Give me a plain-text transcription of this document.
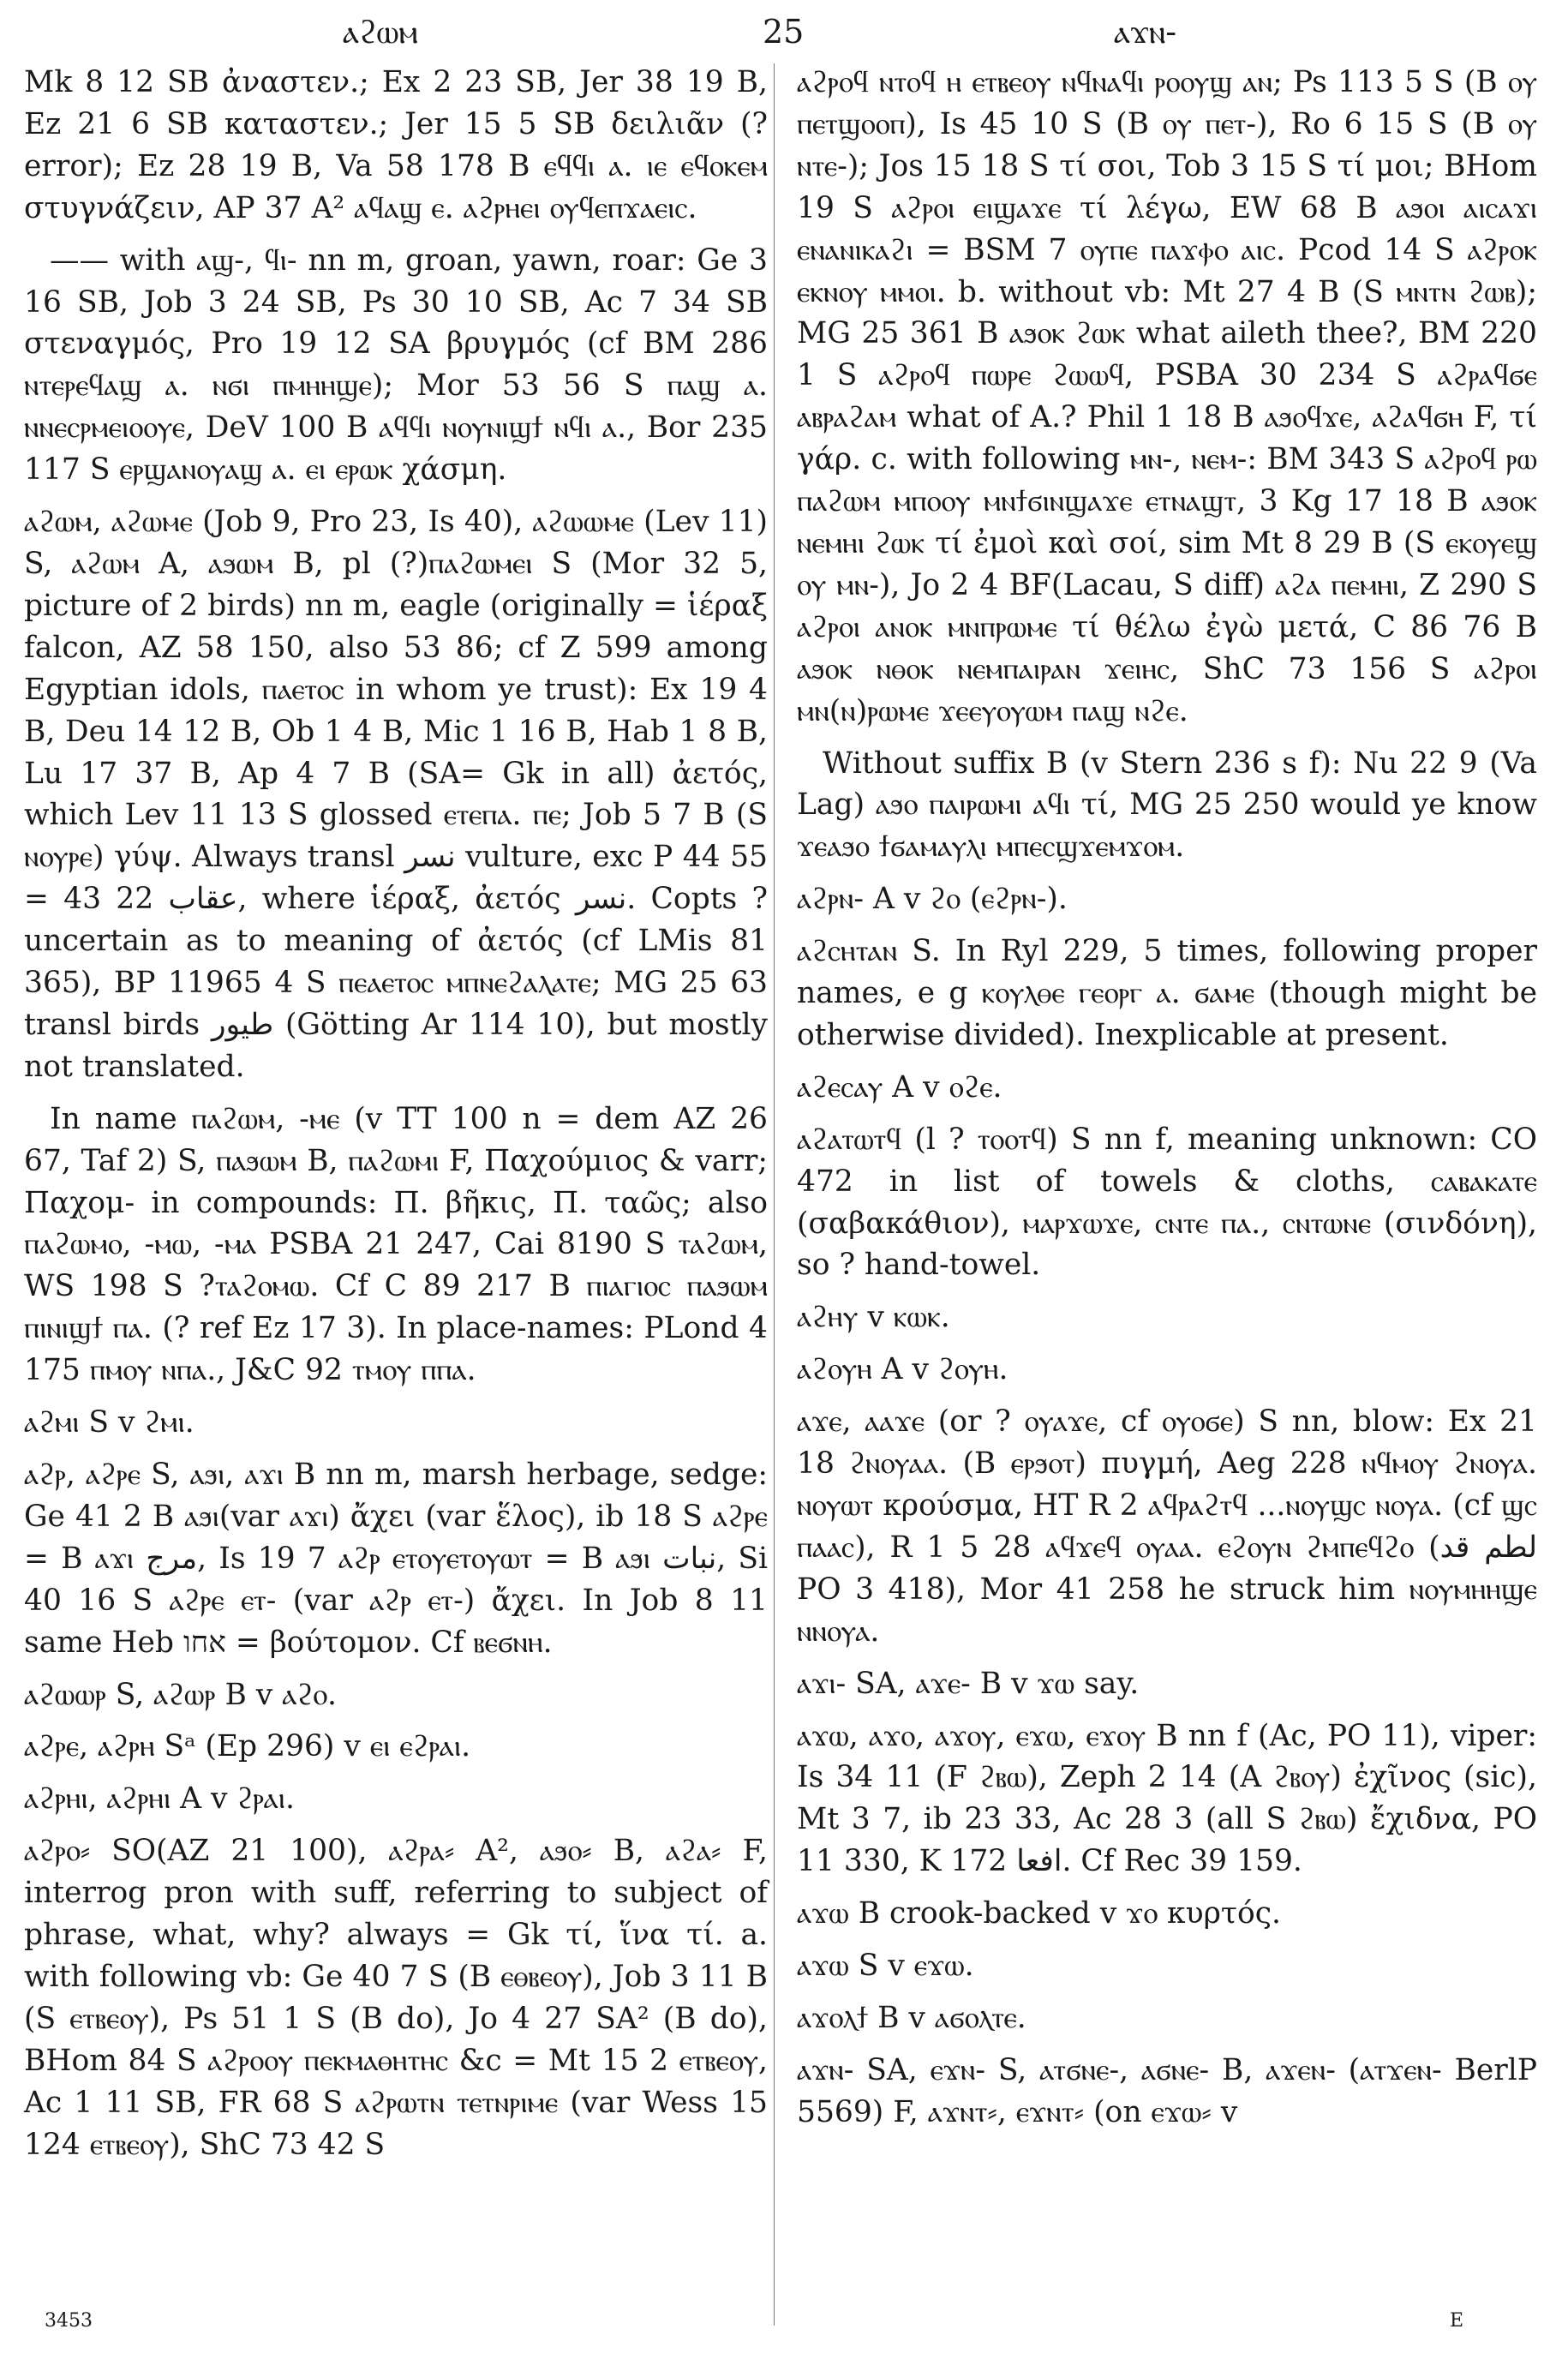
ⲁϩⲱⲙ	25	ⲁϫⲛ-

Mk 8 12 SB ἀναστεν.; Ex 2 23 SB, Jer 38 19 B, Ez 21 6 SB καταστεν.; Jer 15 5 SB δειλιᾶν (?error); Ez 28 19 B, Va 58 178 B ⲉϥϥⲓ ⲁ. ⲓⲉ ⲉϥⲟⲕⲉⲙ στυγνάζειν, AP 37 A² ⲁϥⲁϣ ⲉ. ⲁϩⲣⲏⲉⲓ ⲟⲩϥⲉⲡϫⲁⲉⲓⲥ.

—— with ⲁϣ-, ϥⲓ- nn m, groan, yawn, roar: Ge 3 16 SB, Job 3 24 SB, Ps 30 10 SB, Ac 7 34 SB στεναγμός, Pro 19 12 SA βρυγμός (cf BM 286 ⲛⲧⲉⲣⲉϥⲁϣ ⲁ. ⲛϭⲓ ⲡⲙⲏⲏϣⲉ); Mor 53 56 S ⲡⲁϣ ⲁ. ⲛⲛⲉⲥⲣⲙⲉⲓⲟⲟⲩⲉ, DeV 100 B ⲁϥϥⲓ ⲛⲟⲩⲛⲓϣϯ ⲛϥⲓ ⲁ., Bor 235 117 S ⲉⲣϣⲁⲛⲟⲩⲁϣ ⲁ. ⲉⲓ ⲉⲣⲱⲕ χάσμη.

ⲁϩⲱⲙ, ⲁϩⲱⲙⲉ (Job 9, Pro 23, Is 40), ⲁϩⲱⲱⲙⲉ (Lev 11) S, ⲁϩⲱⲙ A, ⲁϧⲱⲙ B, pl (?)ⲡⲁϩⲱⲙⲉⲓ S (Mor 32 5, picture of 2 birds) nn m, eagle (originally = ἱέραξ falcon, AZ 58 150, also 53 86; cf Z 599 among Egyptian idols, ⲡⲁⲉⲧⲟⲥ in whom ye trust): Ex 19 4 B, Deu 14 12 B, Ob 1 4 B, Mic 1 16 B, Hab 1 8 B, Lu 17 37 B, Ap 4 7 B (SA= Gk in all) ἀετός, which Lev 11 13 S glossed ⲉⲧⲉⲡⲁ. ⲡⲉ; Job 5 7 B (S ⲛⲟⲩⲣⲉ) γύψ. Always transl نسر vulture, exc P 44 55 = 43 22 عقاب, where ἱέραξ, ἀετός نسر. Copts ?uncertain as to meaning of ἀετός (cf LMis 81 365), BP 11965 4 S ⲡⲉⲁⲉⲧⲟⲥ ⲙⲡⲛⲉϩⲁⲗⲁⲧⲉ; MG 25 63 transl birds طيور (Götting Ar 114 10), but mostly not translated.

In name ⲡⲁϩⲱⲙ, -ⲙⲉ (v TT 100 n = dem AZ 26 67, Taf 2) S, ⲡⲁϧⲱⲙ B, ⲡⲁϩⲱⲙⲓ F, Παχούμιος & varr; Παχομ- in compounds: Π. βῆκις, Π. ταῶς; also ⲡⲁϩⲱⲙⲟ, -ⲙⲱ, -ⲙⲁ PSBA 21 247, Cai 8190 S ⲧⲁϩⲱⲙ, WS 198 S ?ⲧⲁϩⲟⲙⲱ. Cf C 89 217 B ⲡⲓⲁⲅⲓⲟⲥ ⲡⲁϧⲱⲙ ⲡⲓⲛⲓϣϯ ⲡⲁ. (? ref Ez 17 3). In place-names: PLond 4 175 ⲡⲙⲟⲩ ⲛⲡⲁ., J&C 92 ⲧⲙⲟⲩ ⲡⲡⲁ.

ⲁϩⲙⲓ S v ϩⲙⲓ.

ⲁϩⲣ, ⲁϩⲣⲉ S, ⲁϧⲓ, ⲁϫⲓ B nn m, marsh herbage, sedge: Ge 41 2 B ⲁϧⲓ(var ⲁϫⲓ) ἄχει (var ἕλος), ib 18 S ⲁϩⲣⲉ = B ⲁϫⲓ مرج, Is 19 7 ⲁϩⲣ ⲉⲧⲟⲩⲉⲧⲟⲩⲱⲧ = B ⲁϧⲓ نبات, Si 40 16 S ⲁϩⲣⲉ ⲉⲧ- (var ⲁϩⲣ ⲉⲧ-) ἄχει. In Job 8 11 same Heb אחו = βούτομον. Cf ⲃⲉϭⲛⲏ.

ⲁϩⲱⲱⲣ S, ⲁϩⲱⲣ B v ⲁϩⲟ.

ⲁϩⲣⲉ, ⲁϩⲣⲏ Sᵃ (Ep 296) v ⲉⲓ ⲉϩⲣⲁⲓ.

ⲁϩⲣⲏⲓ, ⲁϩⲣⲏⲓ A v ϩⲣⲁⲓ.

ⲁϩⲣⲟ⸗ SO(AZ 21 100), ⲁϩⲣⲁ⸗ A², ⲁϧⲟ⸗ B, ⲁϩⲁ⸗ F, interrog pron with suff, referring to subject of phrase, what, why? always = Gk τί, ἵνα τί. a. with following vb: Ge 40 7 S (B ⲉⲑⲃⲉⲟⲩ), Job 3 11 B (S ⲉⲧⲃⲉⲟⲩ), Ps 51 1 S (B do), Jo 4 27 SA² (B do), BHom 84 S ⲁϩⲣⲟⲟⲩ ⲡⲉⲕⲙⲁⲑⲏⲧⲏⲥ &c = Mt 15 2 ⲉⲧⲃⲉⲟⲩ, Ac 1 11 SB, FR 68 S ⲁϩⲣⲱⲧⲛ ⲧⲉⲧⲛⲣⲓⲙⲉ (var Wess 15 124 ⲉⲧⲃⲉⲟⲩ), ShC 73 42 S

ⲁϩⲣⲟϥ ⲛⲧⲟϥ ⲏ ⲉⲧⲃⲉⲟⲩ ⲛϥⲛⲁϥⲓ ⲣⲟⲟⲩϣ ⲁⲛ; Ps 113 5 S (B ⲟⲩ ⲡⲉⲧϣⲟⲟⲡ), Is 45 10 S (B ⲟⲩ ⲡⲉⲧ-), Ro 6 15 S (B ⲟⲩ ⲛⲧⲉ-); Jos 15 18 S τί σοι, Tob 3 15 S τί μοι; BHom 19 S ⲁϩⲣⲟⲓ ⲉⲓϣⲁϫⲉ τί λέγω, EW 68 B ⲁϧⲟⲓ ⲁⲓⲥⲁϫⲓ ⲉⲛⲁⲛⲓⲕⲁϩⲓ = BSM 7 ⲟⲩⲡⲉ ⲡⲁϫⲫⲟ ⲁⲓⲥ. Pcod 14 S ⲁϩⲣⲟⲕ ⲉⲕⲛⲟⲩ ⲙⲙⲟⲓ. b. without vb: Mt 27 4 B (S ⲙⲛⲧⲛ ϩⲱⲃ); MG 25 361 B ⲁϧⲟⲕ ϩⲱⲕ what aileth thee?, BM 220 1 S ⲁϩⲣⲟϥ ⲡⲱⲣⲉ ϩⲱⲱϥ, PSBA 30 234 S ⲁϩⲣⲁϥϭⲉ ⲁⲃⲣⲁϩⲁⲙ what of A.? Phil 1 18 B ⲁϧⲟϥϫⲉ, ⲁϩⲁϥϭⲏ F, τί γάρ. c. with following ⲙⲛ-, ⲛⲉⲙ-: BM 343 S ⲁϩⲣⲟϥ ⲣⲱ ⲡⲁϩⲱⲙ ⲙⲡⲟⲟⲩ ⲙⲛϯϭⲓⲛϣⲁϫⲉ ⲉⲧⲛⲁϣⲧ, 3 Kg 17 18 B ⲁϧⲟⲕ ⲛⲉⲙⲏⲓ ϩⲱⲕ τί ἐμοὶ καὶ σοί, sim Mt 8 29 B (S ⲉⲕⲟⲩⲉϣ ⲟⲩ ⲙⲛ-), Jo 2 4 BF(Lacau, S diff) ⲁϩⲁ ⲡⲉⲙⲏⲓ, Z 290 S ⲁϩⲣⲟⲓ ⲁⲛⲟⲕ ⲙⲛⲡⲣⲱⲙⲉ τί θέλω ἐγὼ μετά, C 86 76 B ⲁϧⲟⲕ ⲛⲑⲟⲕ ⲛⲉⲙⲡⲁⲓⲣⲁⲛ ϫⲉⲓⲏⲥ, ShC 73 156 S ⲁϩⲣⲟⲓ ⲙⲛ(ⲛ)ⲣⲱⲙⲉ ϫⲉⲉⲩⲟⲩⲱⲙ ⲡⲁϣ ⲛϩⲉ.

Without suffix B (v Stern 236 s f): Nu 22 9 (Va Lag) ⲁϧⲟ ⲡⲁⲓⲣⲱⲙⲓ ⲁϥⲓ τί, MG 25 250 would ye know ϫⲉⲁϧⲟ ϯϭⲁⲙⲁⲩⲗⲓ ⲙⲡⲉⲥϣϫⲉⲙϫⲟⲙ.

ⲁϩⲣⲛ- A v ϩⲟ (ⲉϩⲣⲛ-).

ⲁϩⲥⲏⲧⲁⲛ S. In Ryl 229, 5 times, following proper names, e g ⲕⲟⲩⲗⲑⲉ ⲅⲉⲟⲣⲅ ⲁ. ϭⲁⲙⲉ (though might be otherwise divided). Inexplicable at present.

ⲁϩⲉⲥⲁⲩ A v ⲟϩⲉ.

ⲁϩⲁⲧⲱⲧϥ (l ? ⲧⲟⲟⲧϥ) S nn f, meaning unknown: CO 472 in list of towels & cloths, ⲥⲁⲃⲁⲕⲁⲧⲉ (σαβακάθιον), ⲙⲁⲣϫⲱϫⲉ, ⲥⲛⲧⲉ ⲡⲁ., ⲥⲛⲧⲱⲛⲉ (σινδόνη), so ? hand-towel.

ⲁϩⲏⲩ v ⲕⲱⲕ.

ⲁϩⲟⲩⲏ A v ϩⲟⲩⲏ.

ⲁϫⲉ, ⲁⲁϫⲉ (or ? ⲟⲩⲁϫⲉ, cf ⲟⲩⲟϭⲉ) S nn, blow: Ex 21 18 ϩⲛⲟⲩⲁⲁ. (B ⲉⲣϧⲟⲧ) πυγμή, Aeg 228 ⲛϥⲙⲟⲩ ϩⲛⲟⲩⲁ. ⲛⲟⲩⲱⲧ κρούσμα, HT R 2 ⲁϥⲣⲁϩⲧϥ ...ⲛⲟⲩϣⲥ ⲛⲟⲩⲁ. (cf ϣⲥ ⲡⲁⲁⲥ), R 1 5 28 ⲁϥϫⲉϥ ⲟⲩⲁⲁ. ⲉϩⲟⲩⲛ ϩⲙⲡⲉϥϩⲟ (لطم قد PO 3 418), Mor 41 258 he struck him ⲛⲟⲩⲙⲏⲏϣⲉ ⲛⲛⲟⲩⲁ.

ⲁϫⲓ- SA, ⲁϫⲉ- B v ϫⲱ say.

ⲁϫⲱ, ⲁϫⲟ, ⲁϫⲟⲩ, ⲉϫⲱ, ⲉϫⲟⲩ B nn f (Ac, PO 11), viper: Is 34 11 (F ϩⲃⲱ), Zeph 2 14 (A ϩⲃⲟⲩ) ἐχῖνος (sic), Mt 3 7, ib 23 33, Ac 28 3 (all S ϩⲃⲱ) ἔχιδνα, PO 11 330, K 172 افعا. Cf Rec 39 159.

ⲁϫⲱ B crook-backed v ϫⲟ κυρτός.

ⲁϫⲱ S v ⲉϫⲱ.

ⲁϫⲟⲗϯ B v ⲁϭⲟⲗⲧⲉ.

ⲁϫⲛ- SA, ⲉϫⲛ- S, ⲁⲧϭⲛⲉ-, ⲁϭⲛⲉ- B, ⲁϫⲉⲛ- (ⲁⲧϫⲉⲛ- BerlP 5569) F, ⲁϫⲛⲧ⸗, ⲉϫⲛⲧ⸗ (on ⲉϫⲱ⸗ v

3453	E
